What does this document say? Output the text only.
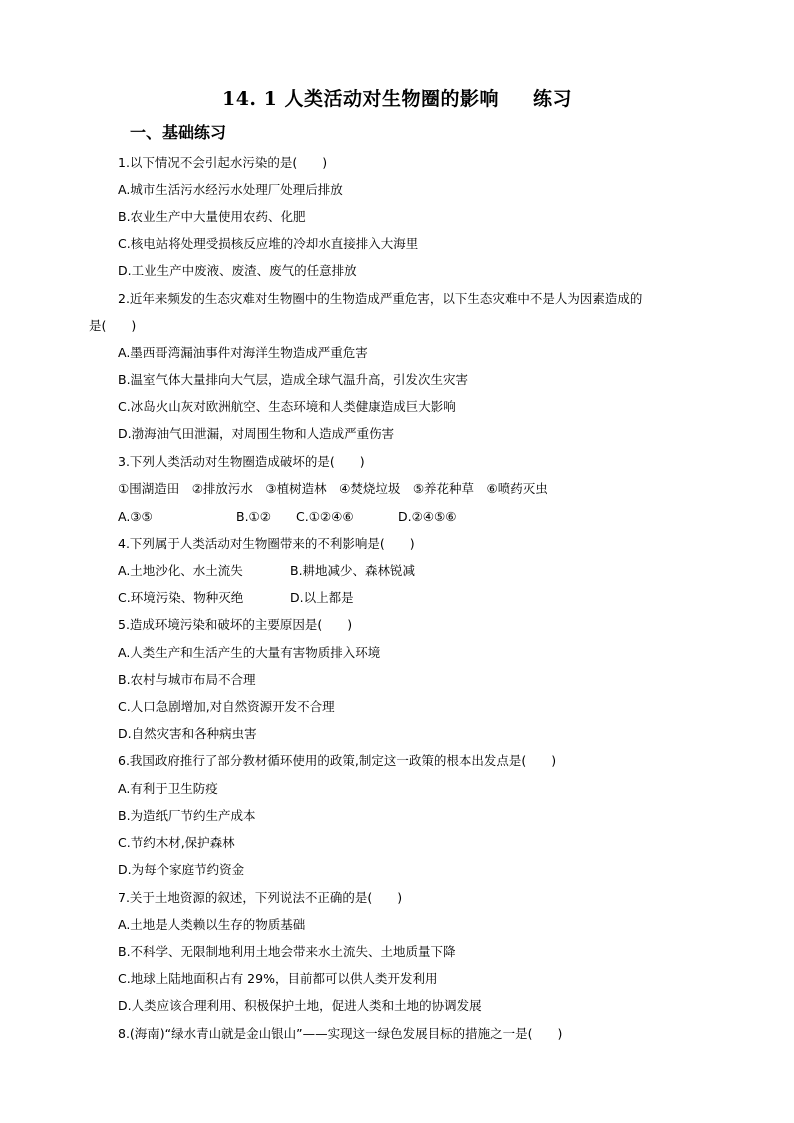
14. 1 人类活动对生物圈的影响 练习
一、基础练习
1.以下情况不会引起水污染的是(　　)
A.城市生活污水经污水处理厂处理后排放
B.农业生产中大量使用农药、化肥
C.核电站将处理受损核反应堆的冷却水直接排入大海里
D.工业生产中废液、废渣、废气的任意排放
2.近年来频发的生态灾难对生物圈中的生物造成严重危害，以下生态灾难中不是人为因素造成的
是(　　)
A.墨西哥湾漏油事件对海洋生物造成严重危害
B.温室气体大量排向大气层，造成全球气温升高，引发次生灾害
C.冰岛火山灰对欧洲航空、生态环境和人类健康造成巨大影响
D.渤海油气田泄漏，对周围生物和人造成严重伤害
3.下列人类活动对生物圈造成破坏的是(　　)
①围湖造田　②排放污水　③植树造林　④焚烧垃圾　⑤养花种草　⑥喷药灭虫
A.③⑤	B.①② C.①②④⑥	D.②④⑤⑥
4.下列属于人类活动对生物圈带来的不利影响是(　　)
A.土地沙化、水土流失	B.耕地减少、森林锐减
C.环境污染、物种灭绝	D.以上都是
5.造成环境污染和破坏的主要原因是(　　)
A.人类生产和生活产生的大量有害物质排入环境
B.农村与城市布局不合理
C.人口急剧增加,对自然资源开发不合理
D.自然灾害和各种病虫害
6.我国政府推行了部分教材循环使用的政策,制定这一政策的根本出发点是(　　)
A.有利于卫生防疫
B.为造纸厂节约生产成本
C.节约木材,保护森林
D.为每个家庭节约资金
7.关于土地资源的叙述，下列说法不正确的是(　　)
A.土地是人类赖以生存的物质基础
B.不科学、无限制地利用土地会带来水土流失、土地质量下降
C.地球上陆地面积占有 29%，目前都可以供人类开发利用
D.人类应该合理利用、积极保护土地，促进人类和土地的协调发展
8.(海南)“绿水青山就是金山银山”——实现这一绿色发展目标的措施之一是(　　)
